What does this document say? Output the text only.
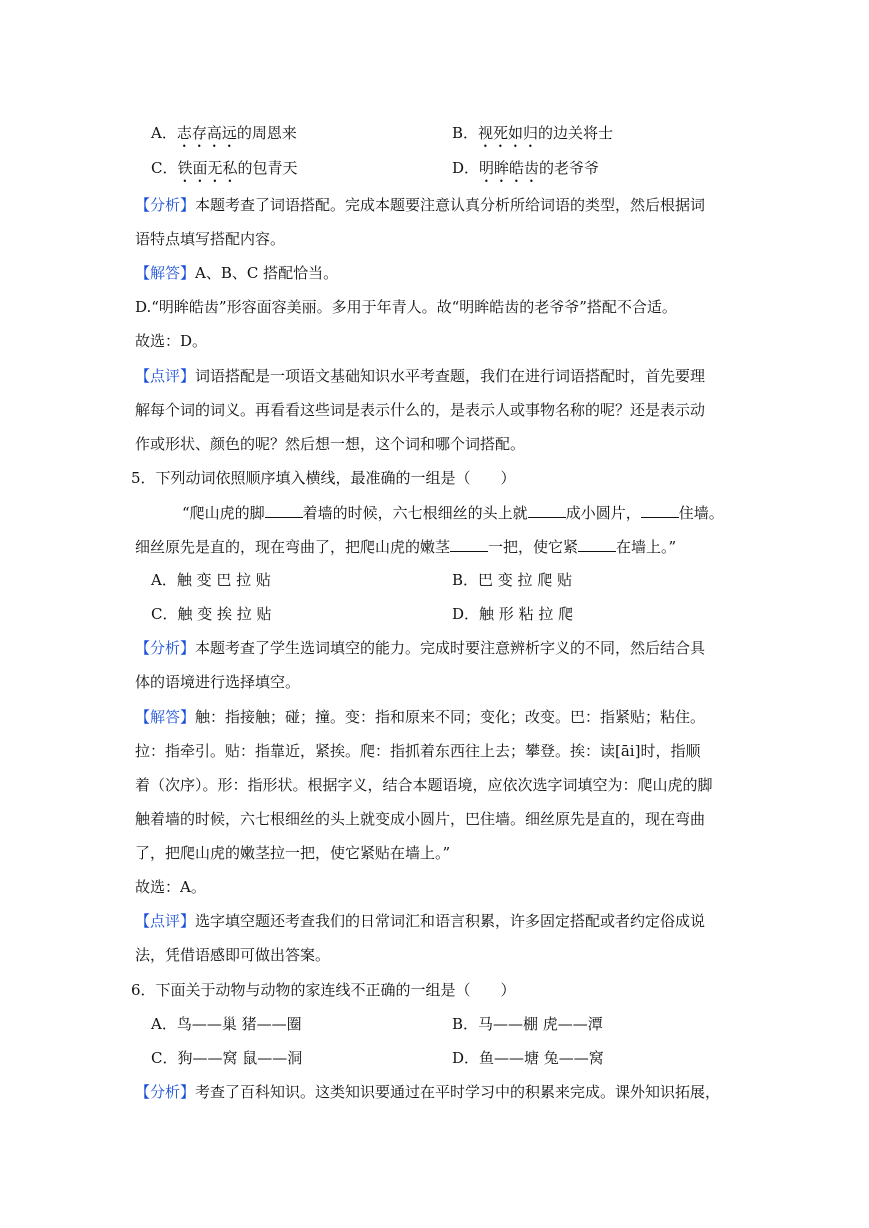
A．志存高远的周恩来	B．视死如归的边关将士
C．铁面无私的包青天	D．明眸皓齿的老爷爷
【分析】本题考查了词语搭配。完成本题要注意认真分析所给词语的类型，然后根据词
语特点填写搭配内容。
【解答】A、B、C 搭配恰当。
D.“明眸皓齿”形容面容美丽。多用于年青人。故“明眸皓齿的老爷爷”搭配不合适。
故选：D。
【点评】词语搭配是一项语文基础知识水平考查题，我们在进行词语搭配时，首先要理
解每个词的词义。再看看这些词是表示什么的，是表示人或事物名称的呢？还是表示动
作或形状、颜色的呢？然后想一想，这个词和哪个词搭配。
5．下列动词依照顺序填入横线，最准确的一组是（　　）
“爬山虎的脚	着墙的时候，六七根细丝的头上就	成小圆片，	住墙。
细丝原先是直的，现在弯曲了，把爬山虎的嫩茎	一把，使它紧	在墙上。”
A．触 变 巴 拉 贴	B．巴 变 拉 爬 贴
C．触 变 挨 拉 贴	D．触 形 粘 拉 爬
【分析】本题考查了学生选词填空的能力。完成时要注意辨析字义的不同，然后结合具
体的语境进行选择填空。
【解答】触：指接触；碰；撞。变：指和原来不同；变化；改变。巴：指紧贴；粘住。
拉：指牵引。贴：指靠近，紧挨。爬：指抓着东西往上去；攀登。挨：读[āi]时，指顺
着（次序）。形：指形状。根据字义，结合本题语境，应依次选字词填空为：爬山虎的脚
触着墙的时候，六七根细丝的头上就变成小圆片，巴住墙。细丝原先是直的，现在弯曲
了，把爬山虎的嫩茎拉一把，使它紧贴在墙上。”
故选：A。
【点评】选字填空题还考查我们的日常词汇和语言积累，许多固定搭配或者约定俗成说
法，凭借语感即可做出答案。
6．下面关于动物与动物的家连线不正确的一组是（　　）
A．鸟——巢 猪——圈	B．马——棚 虎——潭
C．狗——窝 鼠——洞	D．鱼——塘 兔——窝
【分析】考查了百科知识。这类知识要通过在平时学习中的积累来完成。课外知识拓展，
